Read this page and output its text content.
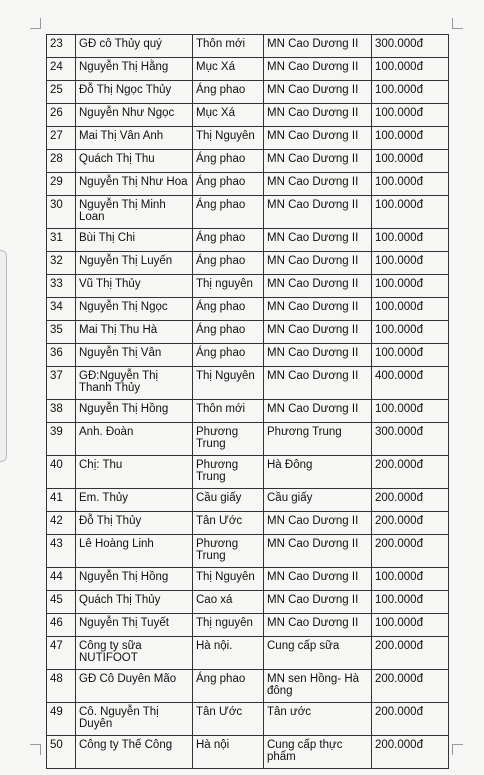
23	GĐ cô Thủy quý	Thôn mới	MN Cao Dương II	300.000đ
24	Nguyễn Thị Hằng	Mục Xá	MN Cao Dương II	100.000đ
25	Đỗ Thị Ngọc Thủy	Áng phao	MN Cao Dương II	100.000đ
26	Nguyễn Như Ngọc	Mục Xá	MN Cao Dương II	100.000đ
27	Mai Thị Vân Anh	Thị Nguyên	MN Cao Dương II	100.000đ
28	Quách Thị Thu	Áng phao	MN Cao Dương II	100.000đ
29	Nguyễn Thị Như Hoa	Áng phao	MN Cao Dương II	100.000đ
30	Nguyễn Thị Minh Loan	Áng phao	MN Cao Dương II	100.000đ
31	Bùi Thị Chi	Áng phao	MN Cao Dương II	100.000đ
32	Nguyễn Thị Luyến	Áng phao	MN Cao Dương II	100.000đ
33	Vũ Thị Thủy	Thị nguyên	MN Cao Dương II	100.000đ
34	Nguyễn Thị Ngọc	Áng phao	MN Cao Dương II	100.000đ
35	Mai Thị Thu Hà	Áng phao	MN Cao Dương II	100.000đ
36	Nguyễn Thị Vân	Áng phao	MN Cao Dương II	100.000đ
37	GĐ:Nguyễn Thị Thanh Thủy	Thị Nguyên	MN Cao Dương II	400.000đ
38	Nguyễn Thị Hồng	Thôn mới	MN Cao Dương II	100.000đ
39	Anh. Đoàn	Phương Trung	Phương Trung	300.000đ
40	Chị: Thu	Phương Trung	Hà Đông	200.000đ
41	Em. Thủy	Cầu giấy	Cầu giấy	200.000đ
42	Đỗ Thị Thủy	Tân Ước	MN Cao Dương II	200.000đ
43	Lê Hoàng Linh	Phương Trung	MN Cao Dương II	200.000đ
44	Nguyễn Thị Hồng	Thị Nguyên	MN Cao Dương II	100.000đ
45	Quách Thị Thủy	Cao xá	MN Cao Dương II	100.000đ
46	Nguyễn Thị Tuyết	Thị nguyên	MN Cao Dương II	100.000đ
47	Công ty sữa NUTIFOOT	Hà nội.	Cung cấp sữa	200.000đ
48	GĐ Cô Duyên Mão	Áng phao	MN sen Hồng- Hà đông	200.000đ
49	Cô. Nguyễn Thị Duyên	Tân Ước	Tân ước	200.000đ
50	Công ty Thế Công	Hà nội	Cung cấp thực phẩm	200.000đ
